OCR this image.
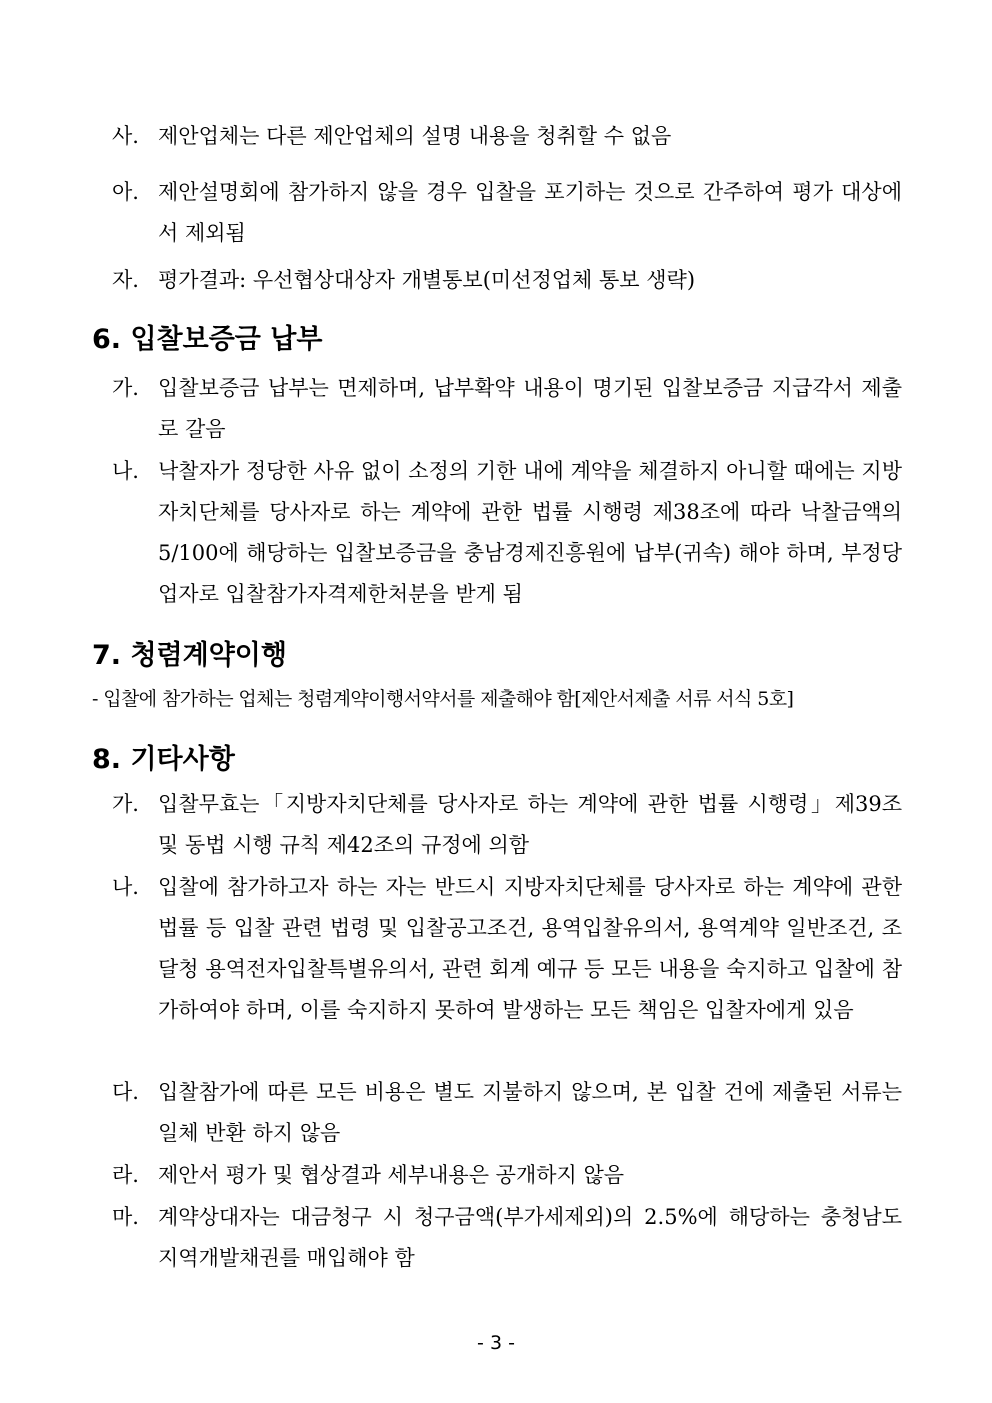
사. 제안업체는 다른 제안업체의 설명 내용을 청취할 수 없음
아. 제안설명회에 참가하지 않을 경우 입찰을 포기하는 것으로 간주하여 평가 대상에서 제외됨
자. 평가결과: 우선협상대상자 개별통보(미선정업체 통보 생략)
6. 입찰보증금 납부
가. 입찰보증금 납부는 면제하며, 납부확약 내용이 명기된 입찰보증금 지급각서 제출로 갈음
나. 낙찰자가 정당한 사유 없이 소정의 기한 내에 계약을 체결하지 아니할 때에는 지방자치단체를 당사자로 하는 계약에 관한 법률 시행령 제38조에 따라 낙찰금액의 5/100에 해당하는 입찰보증금을 충남경제진흥원에 납부(귀속) 해야 하며, 부정당업자로 입찰참가자격제한처분을 받게 됨
7. 청렴계약이행
- 입찰에 참가하는 업체는 청렴계약이행서약서를 제출해야 함[제안서제출 서류 서식 5호]
8. 기타사항
가. 입찰무효는「지방자치단체를 당사자로 하는 계약에 관한 법률 시행령」제39조 및 동법 시행 규칙 제42조의 규정에 의함
나. 입찰에 참가하고자 하는 자는 반드시 지방자치단체를 당사자로 하는 계약에 관한 법률 등 입찰 관련 법령 및 입찰공고조건, 용역입찰유의서, 용역계약 일반조건, 조달청 용역전자입찰특별유의서, 관련 회계 예규 등 모든 내용을 숙지하고 입찰에 참가하여야 하며, 이를 숙지하지 못하여 발생하는 모든 책임은 입찰자에게 있음
다. 입찰참가에 따른 모든 비용은 별도 지불하지 않으며, 본 입찰 건에 제출된 서류는 일체 반환 하지 않음
라. 제안서 평가 및 협상결과 세부내용은 공개하지 않음
마. 계약상대자는 대금청구 시 청구금액(부가세제외)의 2.5%에 해당하는 충청남도 지역개발채권를 매입해야 함
- 3 -
